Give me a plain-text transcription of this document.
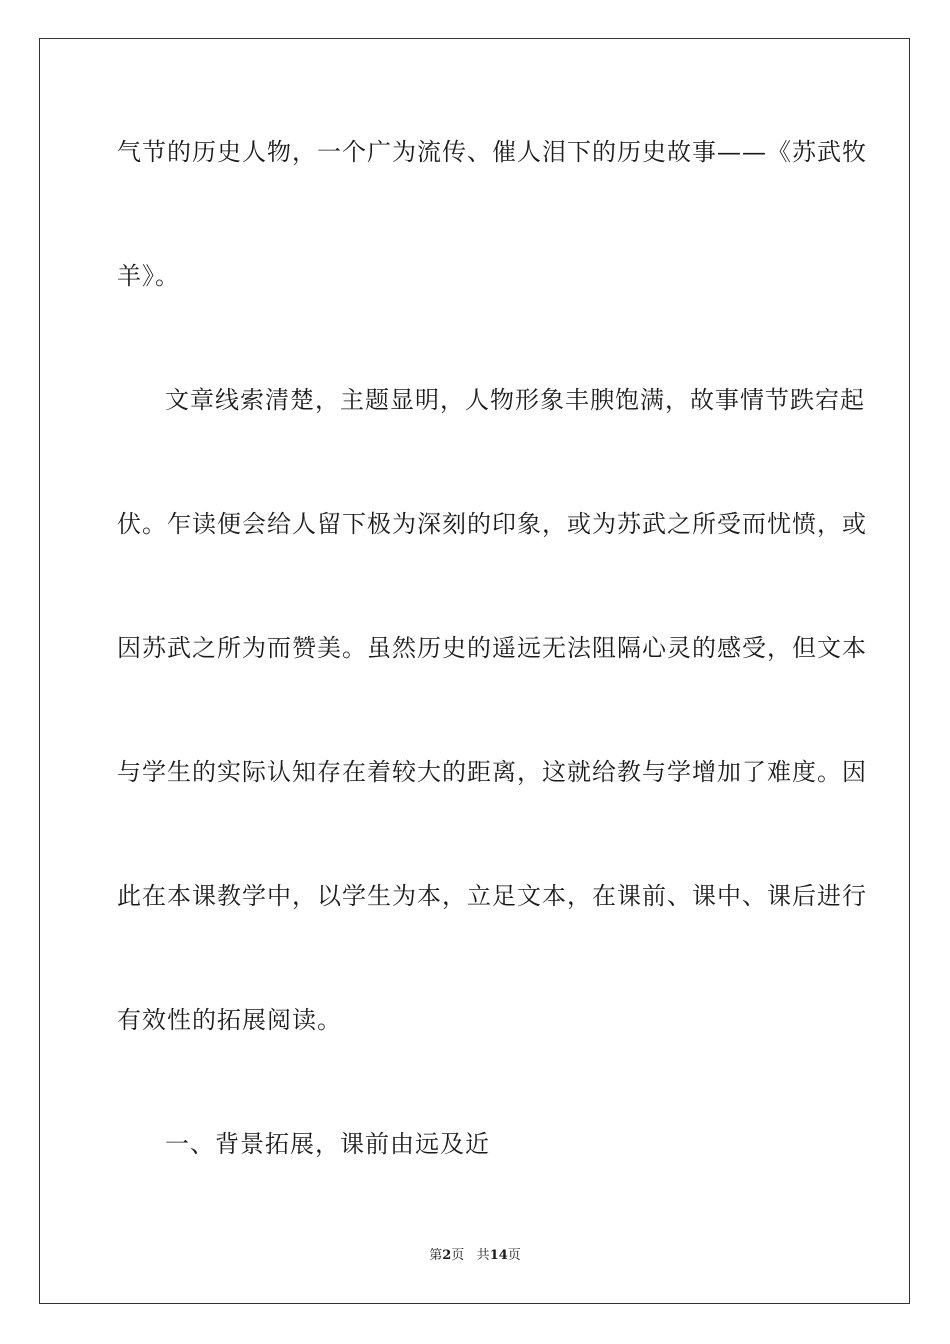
气节的历史人物，一个广为流传、催人泪下的历史故事——《苏武牧
羊》。
文章线索清楚，主题显明，人物形象丰腴饱满，故事情节跌宕起
伏。乍读便会给人留下极为深刻的印象，或为苏武之所受而忧愤，或
因苏武之所为而赞美。虽然历史的遥远无法阻隔心灵的感受，但文本
与学生的实际认知存在着较大的距离，这就给教与学增加了难度。因
此在本课教学中，以学生为本，立足文本，在课前、课中、课后进行
有效性的拓展阅读。
一、背景拓展，课前由远及近
第2页 共14页
